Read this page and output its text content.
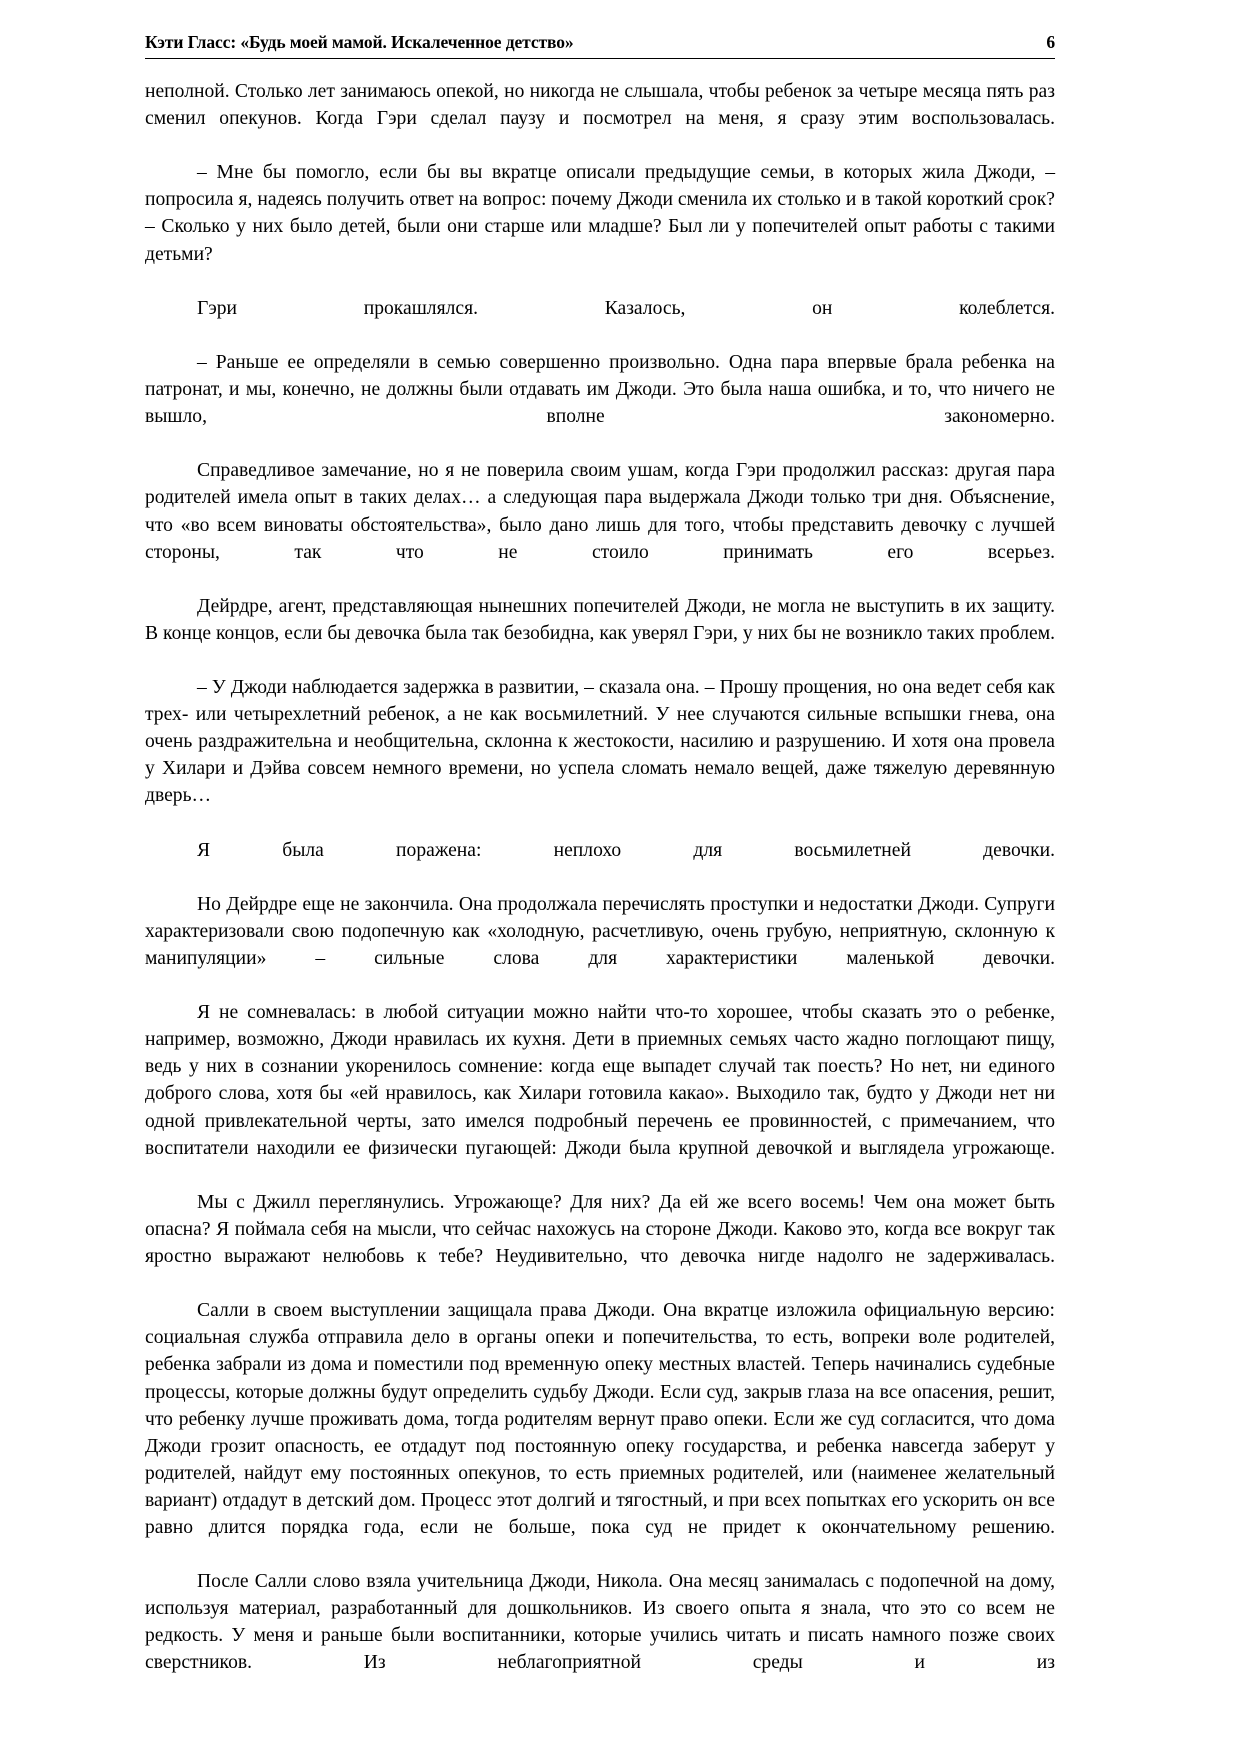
Кэти Гласс: «Будь моей мамой. Искалеченное детство»	6

неполной. Столько лет занимаюсь опекой, но никогда не слышала, чтобы ребенок за четыре месяца пять раз сменил опекунов. Когда Гэри сделал паузу и посмотрел на меня, я сразу этим воспользовалась.

– Мне бы помогло, если бы вы вкратце описали предыдущие семьи, в которых жила Джоди, – попросила я, надеясь получить ответ на вопрос: почему Джоди сменила их столько и в такой короткий срок? – Сколько у них было детей, были они старше или младше? Был ли у попечителей опыт работы с такими детьми?

Гэри прокашлялся. Казалось, он колеблется.

– Раньше ее определяли в семью совершенно произвольно. Одна пара впервые брала ребенка на патронат, и мы, конечно, не должны были отдавать им Джоди. Это была наша ошибка, и то, что ничего не вышло, вполне закономерно.

Справедливое замечание, но я не поверила своим ушам, когда Гэри продолжил рассказ: другая пара родителей имела опыт в таких делах… а следующая пара выдержала Джоди только три дня. Объяснение, что «во всем виноваты обстоятельства», было дано лишь для того, чтобы представить девочку с лучшей стороны, так что не стоило принимать его всерьез.

Дейрдре, агент, представляющая нынешних попечителей Джоди, не могла не выступить в их защиту. В конце концов, если бы девочка была так безобидна, как уверял Гэри, у них бы не возникло таких проблем.

– У Джоди наблюдается задержка в развитии, – сказала она. – Прошу прощения, но она ведет себя как трех- или четырехлетний ребенок, а не как восьмилетний. У нее случаются сильные вспышки гнева, она очень раздражительна и необщительна, склонна к жестокости, насилию и разрушению. И хотя она провела у Хилари и Дэйва совсем немного времени, но успела сломать немало вещей, даже тяжелую деревянную дверь…

Я была поражена: неплохо для восьмилетней девочки.

Но Дейрдре еще не закончила. Она продолжала перечислять проступки и недостатки Джоди. Супруги характеризовали свою подопечную как «холодную, расчетливую, очень грубую, неприятную, склонную к манипуляции» – сильные слова для характеристики маленькой девочки.

Я не сомневалась: в любой ситуации можно найти что-то хорошее, чтобы сказать это о ребенке, например, возможно, Джоди нравилась их кухня. Дети в приемных семьях часто жадно поглощают пищу, ведь у них в сознании укоренилось сомнение: когда еще выпадет случай так поесть? Но нет, ни единого доброго слова, хотя бы «ей нравилось, как Хилари готовила какао». Выходило так, будто у Джоди нет ни одной привлекательной черты, зато имелся подробный перечень ее провинностей, с примечанием, что воспитатели находили ее физически пугающей: Джоди была крупной девочкой и выглядела угрожающе.

Мы с Джилл переглянулись. Угрожающе? Для них? Да ей же всего восемь! Чем она может быть опасна? Я поймала себя на мысли, что сейчас нахожусь на стороне Джоди. Каково это, когда все вокруг так яростно выражают нелюбовь к тебе? Неудивительно, что девочка нигде надолго не задерживалась.

Салли в своем выступлении защищала права Джоди. Она вкратце изложила официальную версию: социальная служба отправила дело в органы опеки и попечительства, то есть, вопреки воле родителей, ребенка забрали из дома и поместили под временную опеку местных властей. Теперь начинались судебные процессы, которые должны будут определить судьбу Джоди. Если суд, закрыв глаза на все опасения, решит, что ребенку лучше проживать дома, тогда родителям вернут право опеки. Если же суд согласится, что дома Джоди грозит опасность, ее отдадут под постоянную опеку государства, и ребенка навсегда заберут у родителей, найдут ему постоянных опекунов, то есть приемных родителей, или (наименее желательный вариант) отдадут в детский дом. Процесс этот долгий и тягостный, и при всех попытках его ускорить он все равно длится порядка года, если не больше, пока суд не придет к окончательному решению.

После Салли слово взяла учительница Джоди, Никола. Она месяц занималась с подопечной на дому, используя материал, разработанный для дошкольников. Из своего опыта я знала, что это со всем не редкость. У меня и раньше были воспитанники, которые учились читать и писать намного позже своих сверстников. Из неблагоприятной среды и из
